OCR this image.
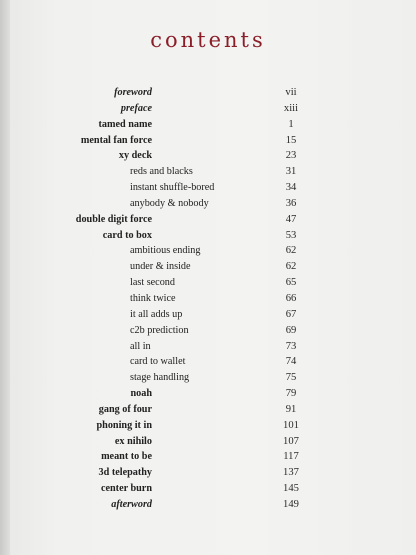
contents
foreword	vii
preface	xiii
tamed name	1
mental fan force	15
xy deck	23
reds and blacks	31
instant shuffle-bored	34
anybody & nobody	36
double digit force	47
card to box	53
ambitious ending	62
under & inside	62
last second	65
think twice	66
it all adds up	67
c2b prediction	69
all in	73
card to wallet	74
stage handling	75
noah	79
gang of four	91
phoning it in	101
ex nihilo	107
meant to be	117
3d telepathy	137
center burn	145
afterword	149
